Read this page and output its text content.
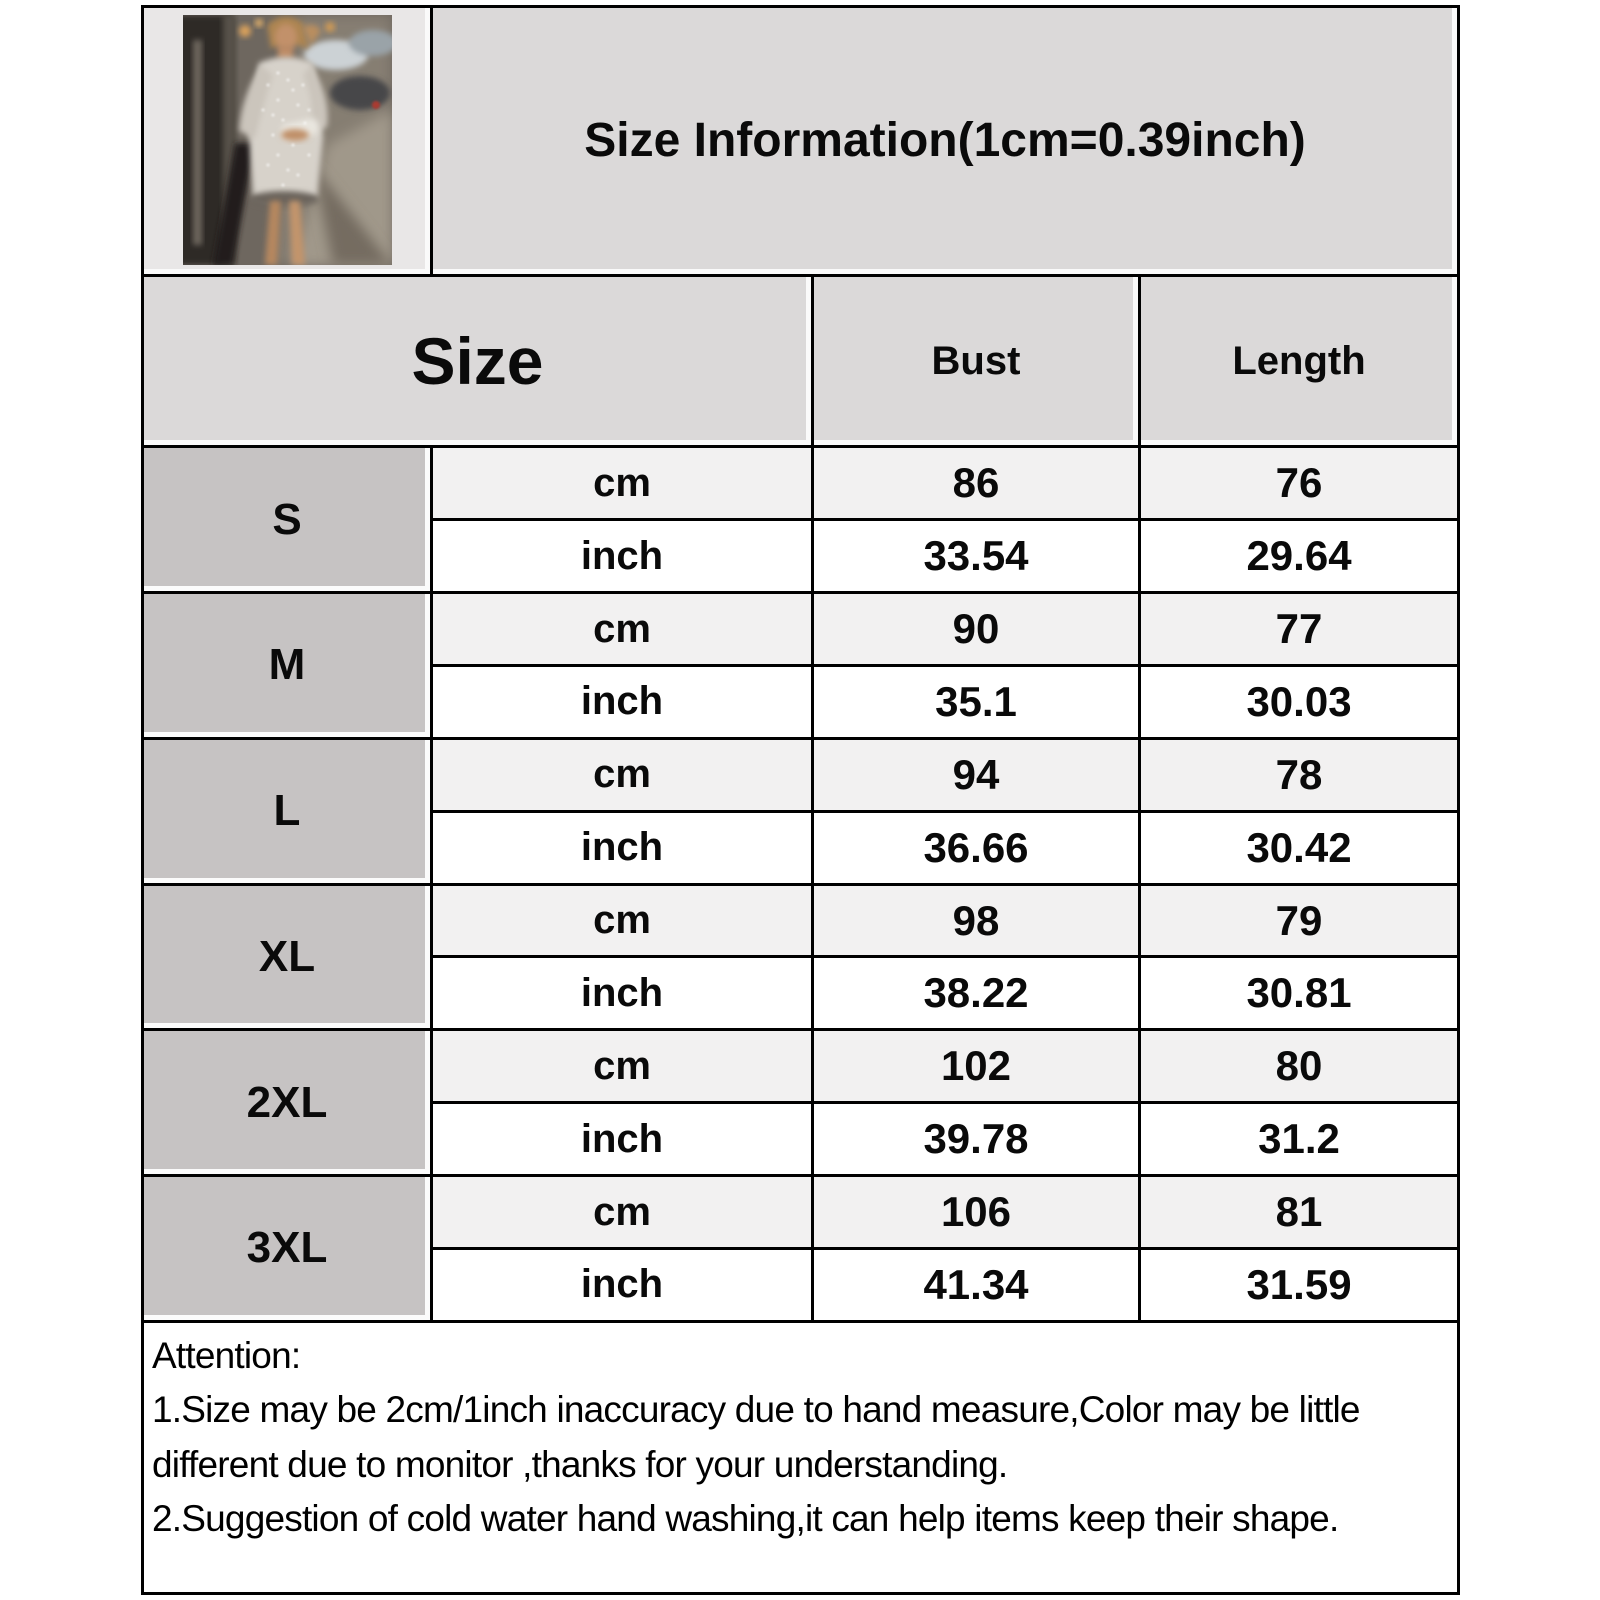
	Size Information(1cm=0.39inch)		
Size		Bust	Length
S	cm	86	76
	inch	33.54	29.64
M	cm	90	77
	inch	35.1	30.03
L	cm	94	78
	inch	36.66	30.42
XL	cm	98	79
	inch	38.22	30.81
2XL	cm	102	80
	inch	39.78	31.2
3XL	cm	106	81
	inch	41.34	31.59

Attention:
1.Size may be 2cm/1inch inaccuracy due to hand measure,Color may be little different due to monitor ,thanks for your understanding.
2.Suggestion of cold water hand washing,it can help items keep their shape.			
